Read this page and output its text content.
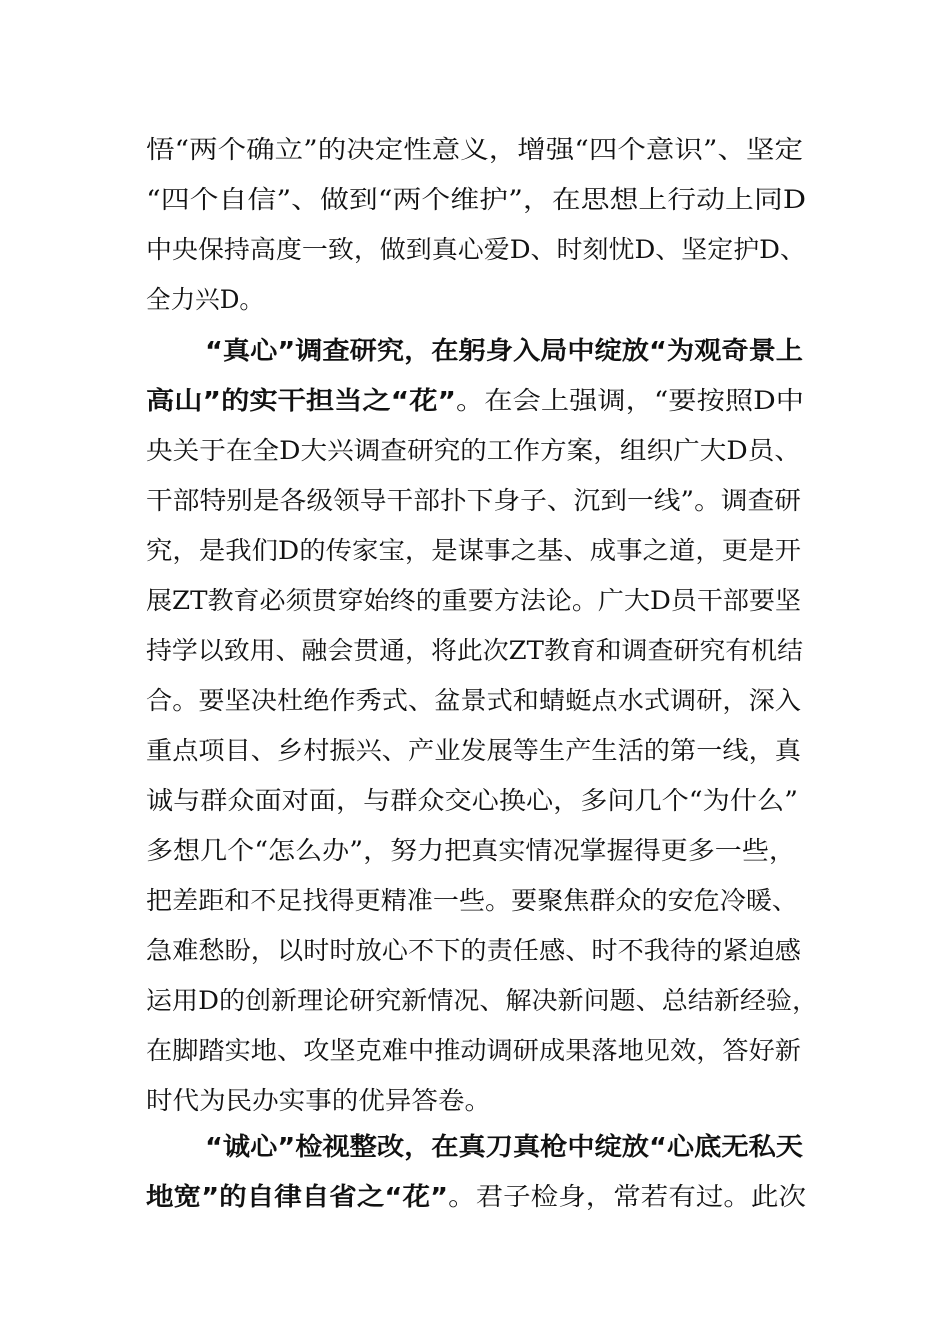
悟“两个确立”的决定性意义，增强“四个意识”、坚定

“四个自信”、做到“两个维护”，在思想上行动上同D

中央保持高度一致，做到真心爱D、时刻忧D、坚定护D、

全力兴D。

“真心”调查研究，在躬身入局中绽放“为观奇景上

高山”的实干担当之“花”。在会上强调，“要按照D中

央关于在全D大兴调查研究的工作方案，组织广大D员、

干部特别是各级领导干部扑下身子、沉到一线”。调查研

究，是我们D的传家宝，是谋事之基、成事之道，更是开

展ZT教育必须贯穿始终的重要方法论。广大D员干部要坚

持学以致用、融会贯通，将此次ZT教育和调查研究有机结

合。要坚决杜绝作秀式、盆景式和蜻蜓点水式调研，深入

重点项目、乡村振兴、产业发展等生产生活的第一线，真

诚与群众面对面，与群众交心换心，多问几个“为什么”

多想几个“怎么办”，努力把真实情况掌握得更多一些，

把差距和不足找得更精准一些。要聚焦群众的安危冷暖、

急难愁盼，以时时放心不下的责任感、时不我待的紧迫感

运用D的创新理论研究新情况、解决新问题、总结新经验，

在脚踏实地、攻坚克难中推动调研成果落地见效，答好新

时代为民办实事的优异答卷。

“诚心”检视整改，在真刀真枪中绽放“心底无私天

地宽”的自律自省之“花”。君子检身，常若有过。此次
